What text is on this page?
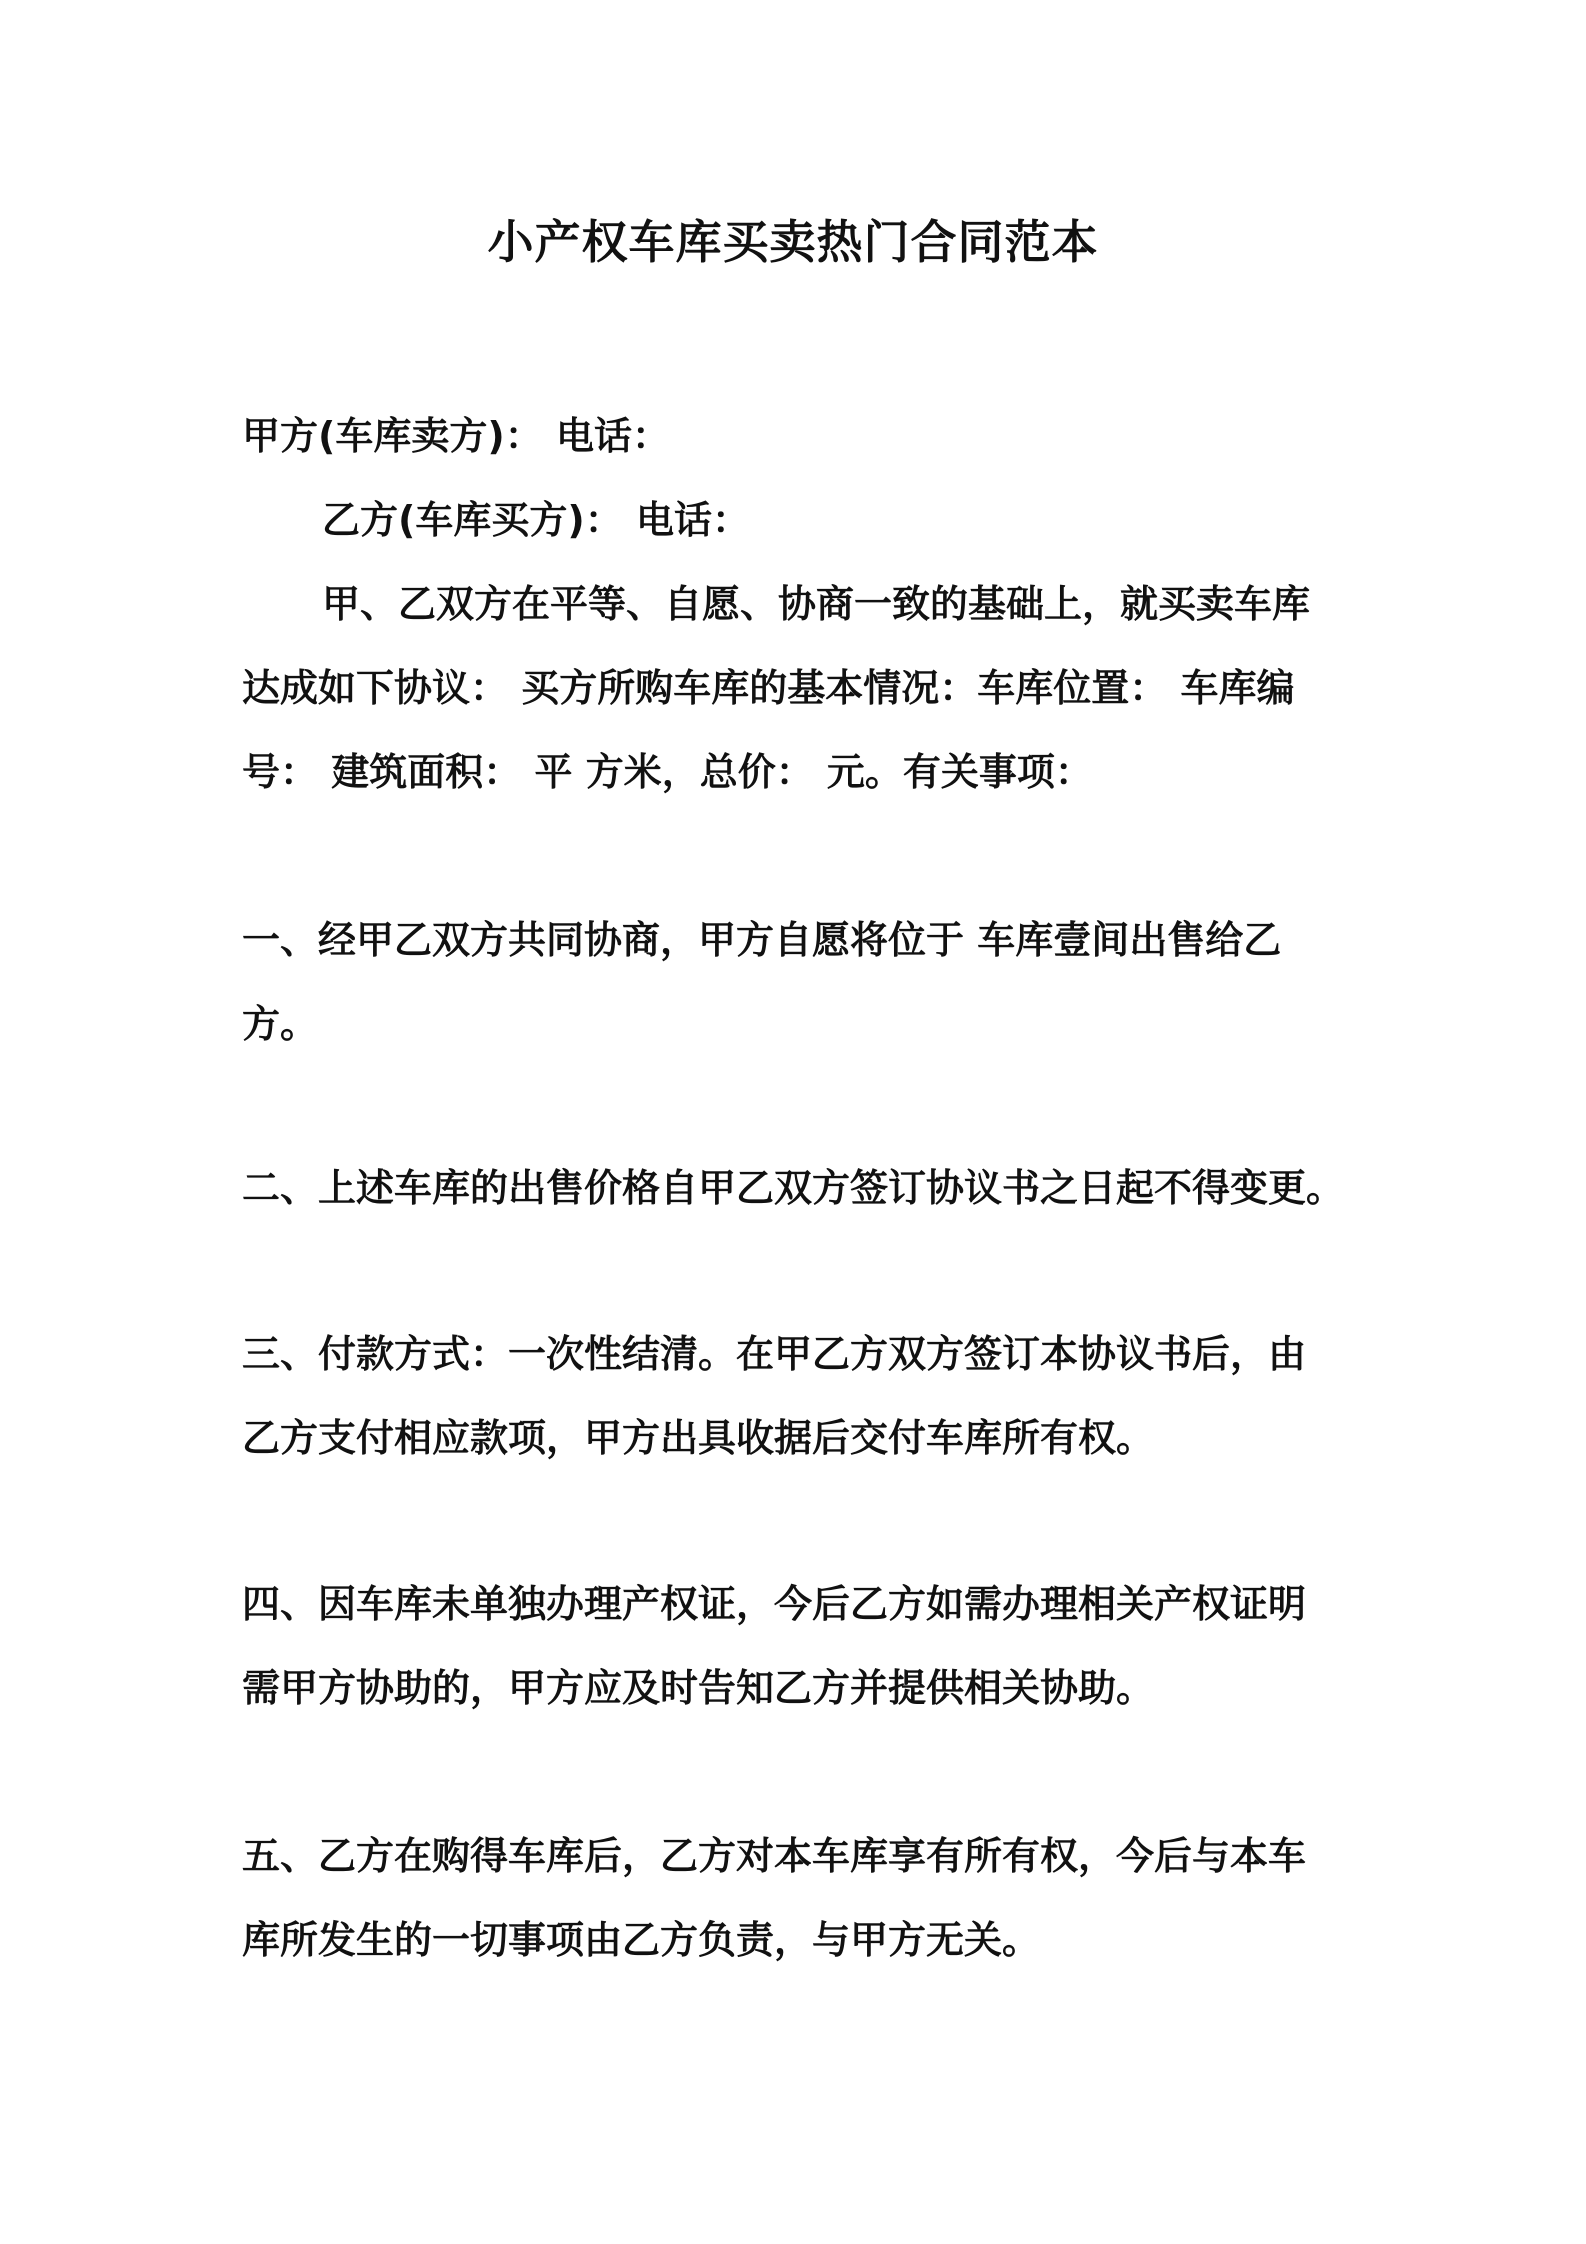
小产权车库买卖热门合同范本
甲方(车库卖方)： 电话：
乙方(车库买方)： 电话：
甲、乙双方在平等、自愿、协商一致的基础上，就买卖车库
达成如下协议： 买方所购车库的基本情况：车库位置： 车库编
号： 建筑面积： 平 方米，总价： 元。有关事项：
一、经甲乙双方共同协商，甲方自愿将位于 车库壹间出售给乙
方。
二、上述车库的出售价格自甲乙双方签订协议书之日起不得变更。
三、付款方式：一次性结清。在甲乙方双方签订本协议书后，由
乙方支付相应款项，甲方出具收据后交付车库所有权。
四、因车库未单独办理产权证，今后乙方如需办理相关产权证明
需甲方协助的，甲方应及时告知乙方并提供相关协助。
五、乙方在购得车库后，乙方对本车库享有所有权，今后与本车
库所发生的一切事项由乙方负责，与甲方无关。
